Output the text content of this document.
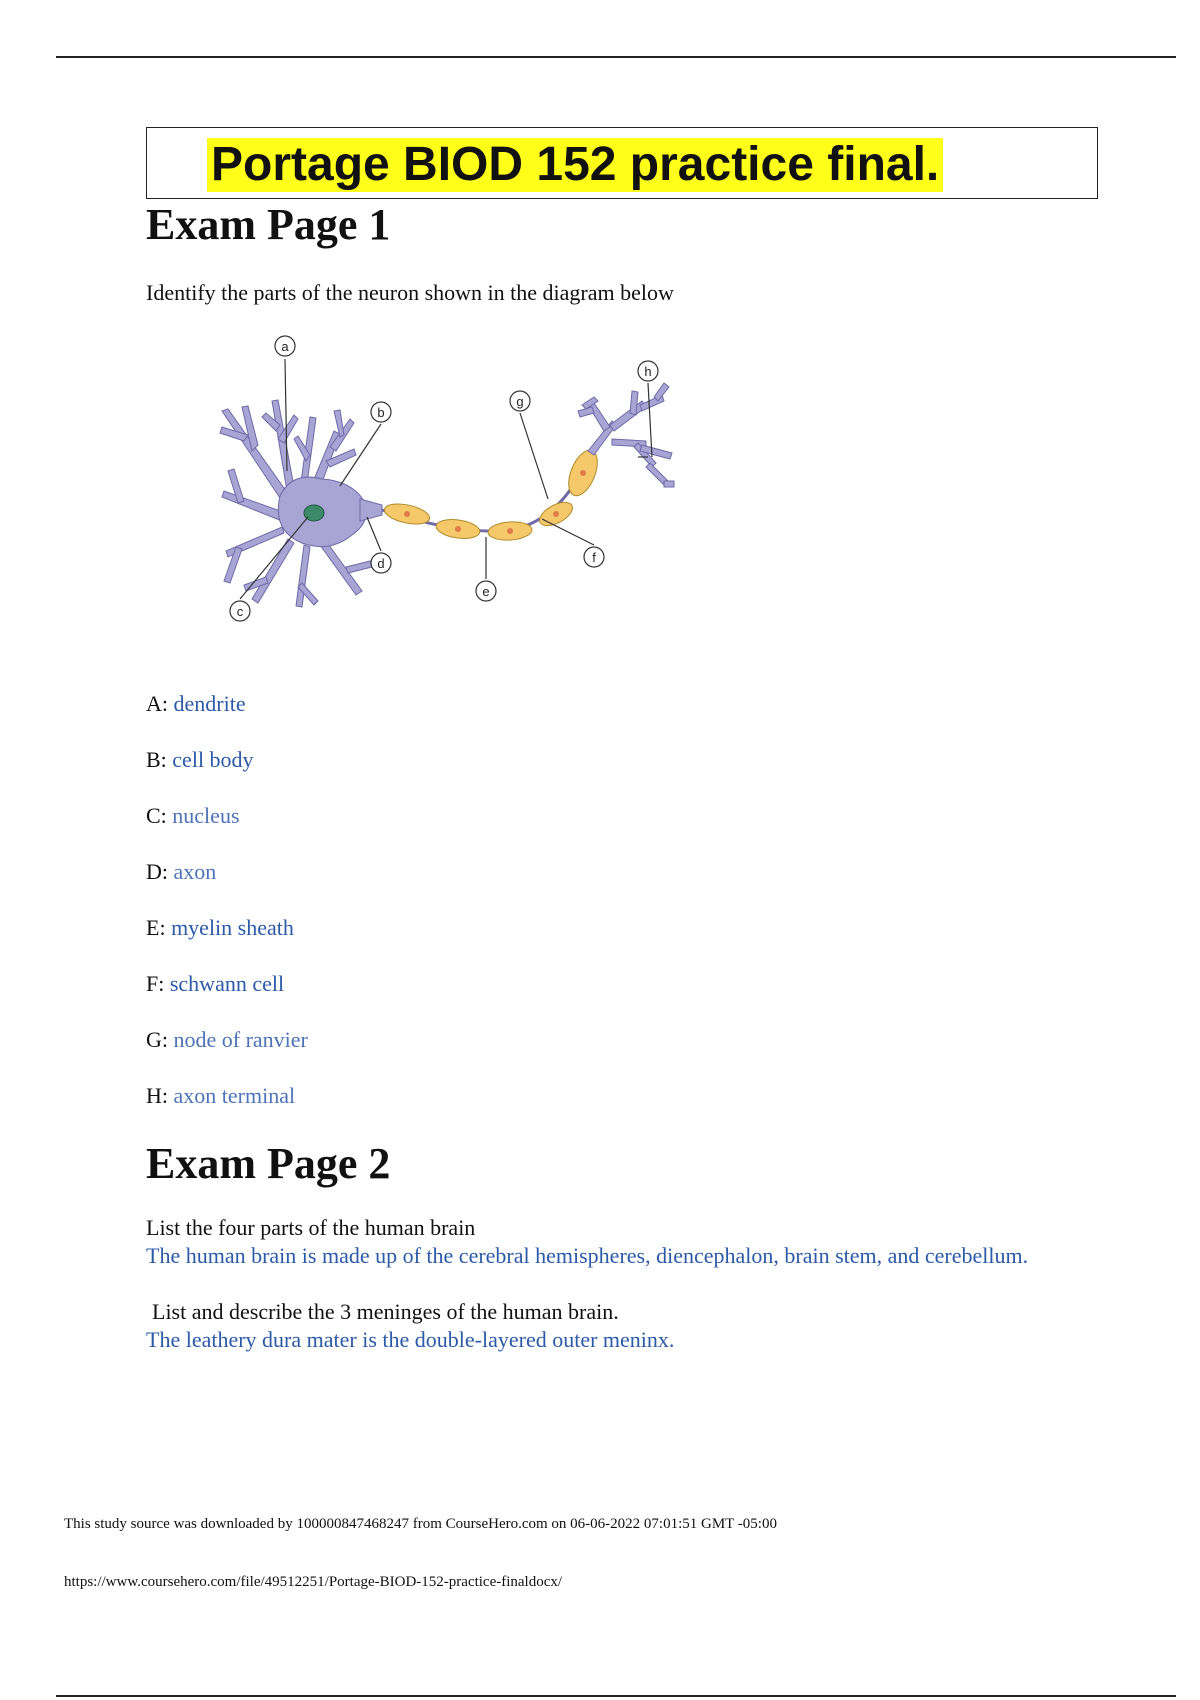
Portage BIOD 152 practice final.
Exam Page 1
Identify the parts of the neuron shown in the diagram below
a
b
c
d
e
f
g
h
A: dendrite
B: cell body
C: nucleus
D: axon
E: myelin sheath
F: schwann cell
G: node of ranvier
H: axon terminal
Exam Page 2
List the four parts of the human brain
The human brain is made up of the cerebral hemispheres, diencephalon, brain stem, and cerebellum.
List and describe the 3 meninges of the human brain.
The leathery dura mater is the double-layered outer meninx.
This study source was downloaded by 100000847468247 from CourseHero.com on 06-06-2022 07:01:51 GMT -05:00
https://www.coursehero.com/file/49512251/Portage-BIOD-152-practice-finaldocx/
